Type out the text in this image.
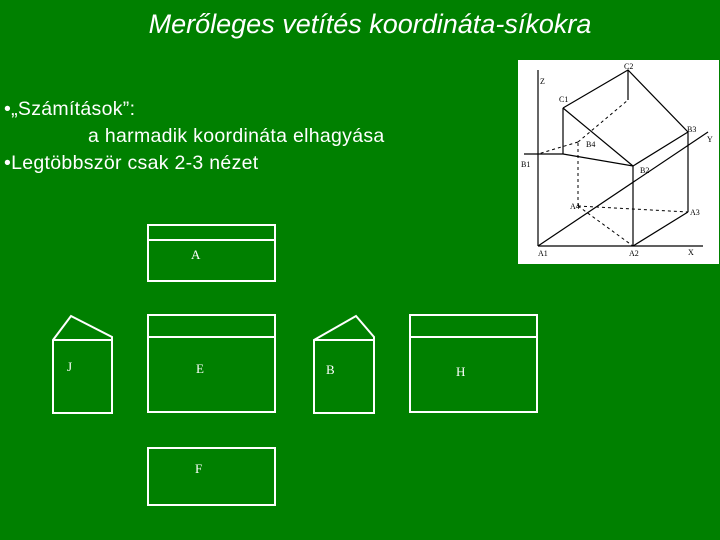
Merőleges vetítés koordináta-síkokra
•„Számítások”:
a harmadik koordináta elhagyása
•Legtöbbször csak 2-3 nézet
A
J	E	B	H
F
Z
C2
C1
B3
Y
B4
B1
B2
A4
A3
A1	A2	X
